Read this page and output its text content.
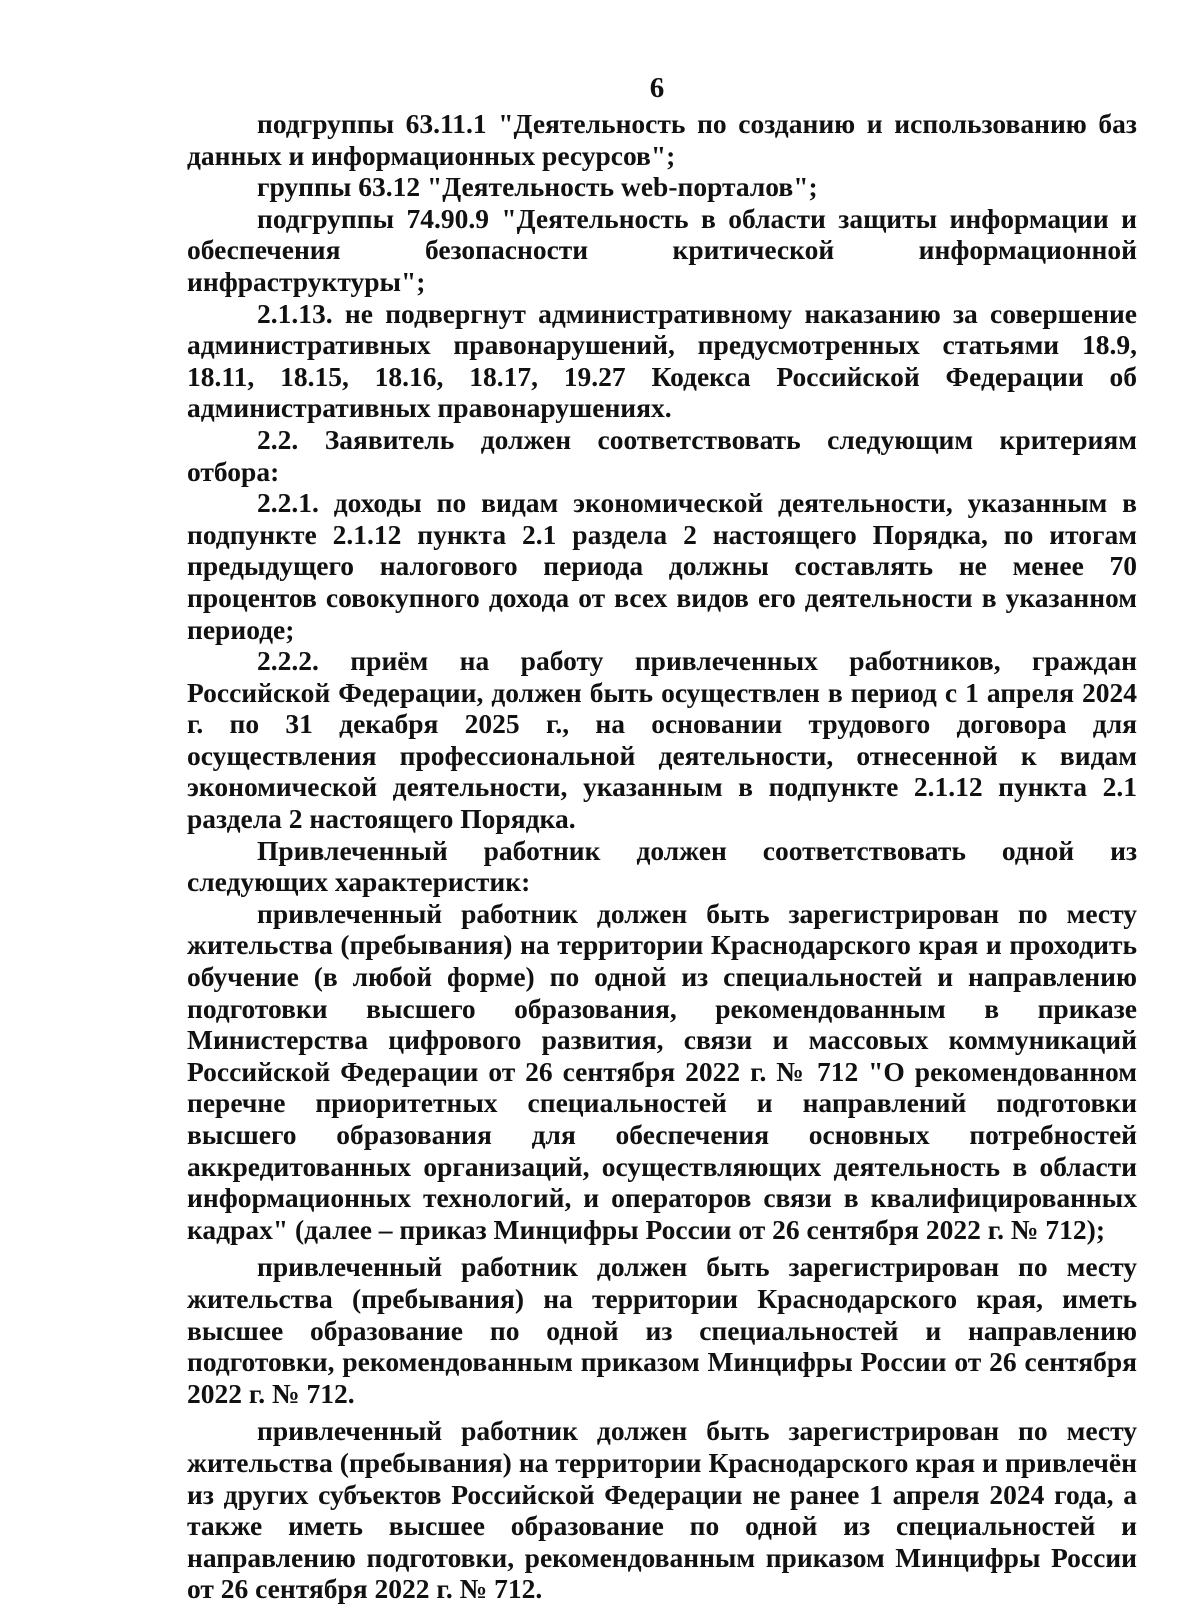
6

подгруппы 63.11.1 "Деятельность по созданию и использованию баз данных и информационных ресурсов";

группы 63.12 "Деятельность web-порталов";

подгруппы 74.90.9 "Деятельность в области защиты информации и обеспечения безопасности критической информационной инфраструктуры";

2.1.13. не подвергнут административному наказанию за совершение административных правонарушений, предусмотренных статьями 18.9, 18.11, 18.15, 18.16, 18.17, 19.27 Кодекса Российской Федерации об административных правонарушениях.

2.2. Заявитель должен соответствовать следующим критериям отбора:

2.2.1. доходы по видам экономической деятельности, указанным в подпункте 2.1.12 пункта 2.1 раздела 2 настоящего Порядка, по итогам предыдущего налогового периода должны составлять не менее 70 процентов совокупного дохода от всех видов его деятельности в указанном периоде;

2.2.2. приём на работу привлеченных работников, граждан Российской Федерации, должен быть осуществлен в период с 1 апреля 2024 г. по 31 декабря 2025 г., на основании трудового договора для осуществления профессиональной деятельности, отнесенной к видам экономической деятельности, указанным в подпункте 2.1.12 пункта 2.1 раздела 2 настоящего Порядка.

Привлеченный работник должен соответствовать одной из следующих характеристик:

привлеченный работник должен быть зарегистрирован по месту жительства (пребывания) на территории Краснодарского края и проходить обучение (в любой форме) по одной из специальностей и направлению подготовки высшего образования, рекомендованным в приказе Министерства цифрового развития, связи и массовых коммуникаций Российской Федерации от 26 сентября 2022 г. № 712 "О рекомендованном перечне приоритетных специальностей и направлений подготовки высшего образования для обеспечения основных потребностей аккредитованных организаций, осуществляющих деятельность в области информационных технологий, и операторов связи в квалифицированных кадрах" (далее – приказ Минцифры России от 26 сентября 2022 г. № 712);

привлеченный работник должен быть зарегистрирован по месту жительства (пребывания) на территории Краснодарского края, иметь высшее образование по одной из специальностей и направлению подготовки, рекомендованным приказом Минцифры России от 26 сентября 2022 г. № 712.

привлеченный работник должен быть зарегистрирован по месту жительства (пребывания) на территории Краснодарского края и привлечён из других субъектов Российской Федерации не ранее 1 апреля 2024 года, а также иметь высшее образование по одной из специальностей и направлению подготовки, рекомендованным приказом Минцифры России от 26 сентября 2022 г. № 712.
